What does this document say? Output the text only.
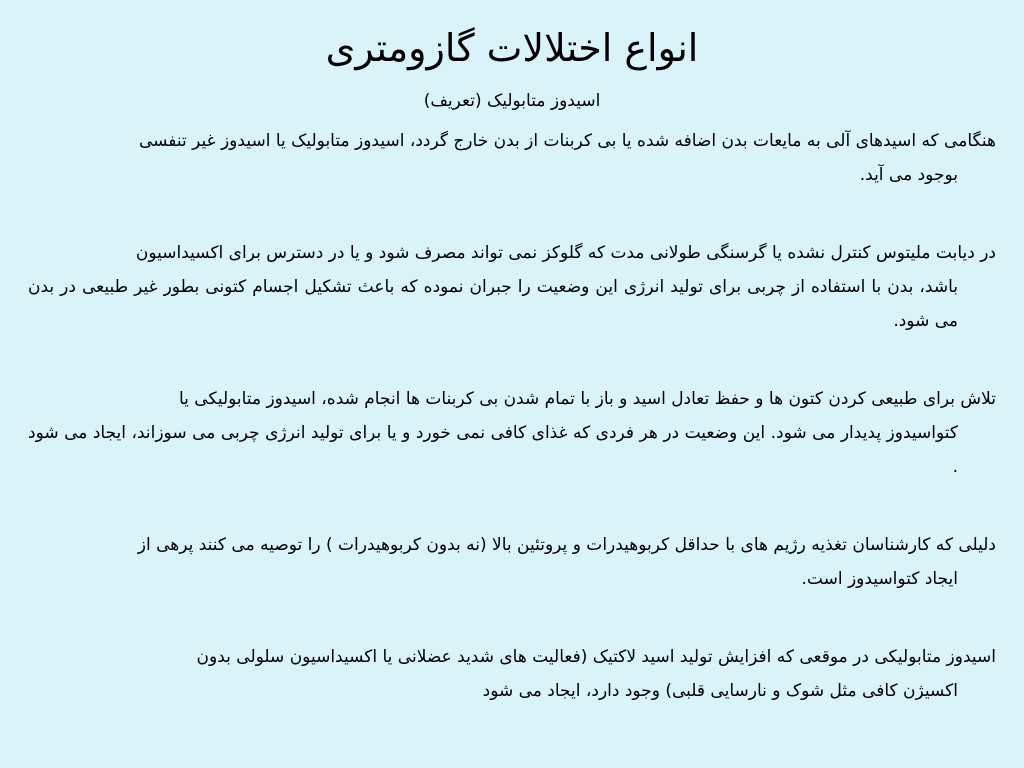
انواع اختلالات گازومتری
اسیدوز متابولیک (تعریف)

هنگامی که اسیدهای آلی به مایعات بدن اضافه شده یا بی کربنات از بدن خارج گردد، اسیدوز متابولیک یا اسیدوز غیر تنفسی
بوجود می آید.

در دیابت ملیتوس کنترل نشده یا گرسنگی طولانی مدت که گلوکز نمی تواند مصرف شود و یا در دسترس برای اکسیداسیون
باشد، بدن با استفاده از چربی برای تولید انرژی این وضعیت را جبران نموده که باعث تشکیل اجسام کتونی بطور غیر طبیعی در بدن می شود.

تلاش برای طبیعی کردن کتون ها و حفظ تعادل اسید و باز با تمام شدن بی کربنات ها انجام شده، اسیدوز متابولیکی یا
کتواسیدوز پدیدار می شود. این وضعیت در هر فردی که غذای کافی نمی خورد و یا برای تولید انرژی چربی می سوزاند، ایجاد می شود .

دلیلی که کارشناسان تغذیه رژیم های با حداقل کربوهیدرات و پروتئین بالا (نه بدون کربوهیدرات ) را توصیه می کنند پرهی از
ایجاد کتواسیدوز است.

اسیدوز متابولیکی در موقعی که افزایش تولید اسید لاکتیک (فعالیت های شدید عضلانی یا اکسیداسیون سلولی بدون
اکسیژن کافی مثل شوک و نارسایی قلبی) وجود دارد، ایجاد می شود
